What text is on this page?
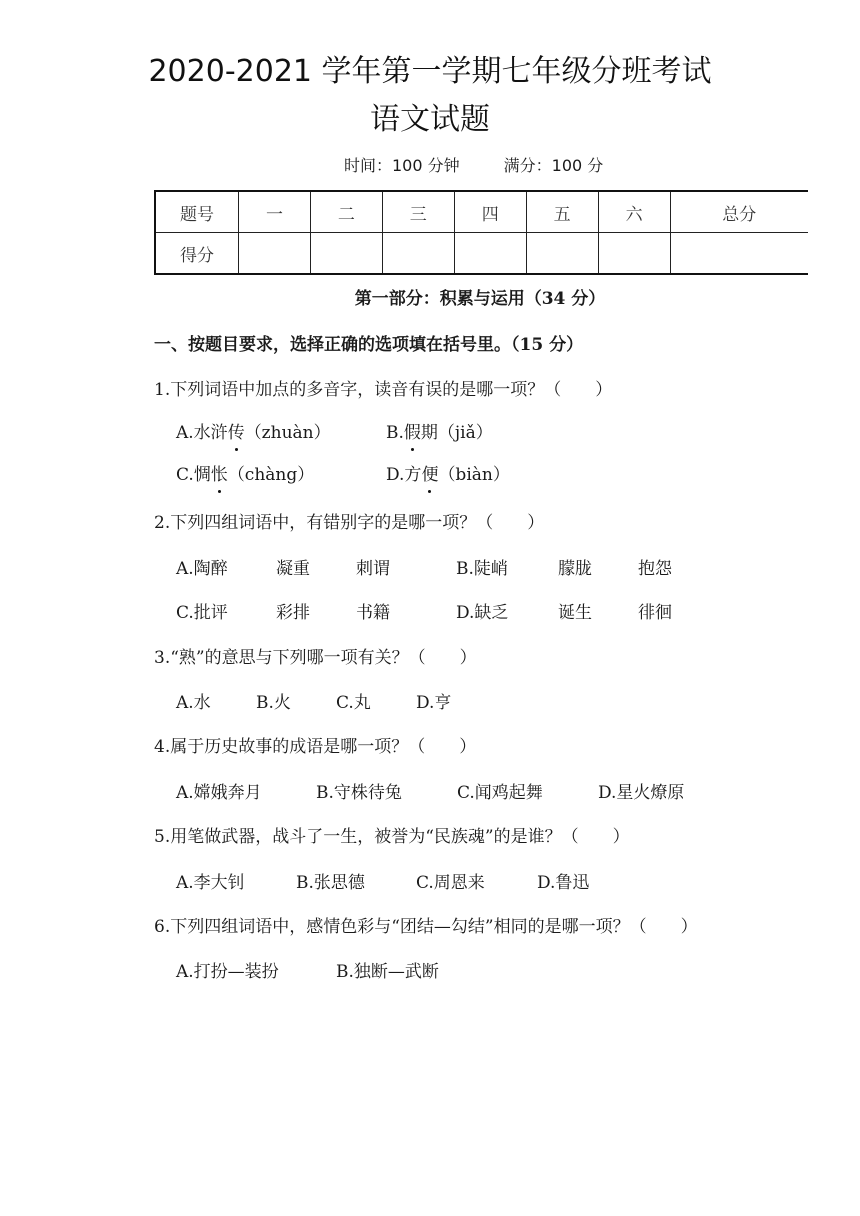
2020-2021 学年第一学期七年级分班考试
语文试题
时间：100 分钟	满分：100 分
题号	一	二	三	四	五	六	总分
得分							
第一部分：积累与运用（34 分）
一、按题目要求，选择正确的选项填在括号里。（15 分）
1.下列词语中加点的多音字，读音有误的是哪一项？（　　）
A.水浒传（zhuàn）	B.假期（jiǎ）
C.惆怅（chàng）	D.方便（biàn）
2.下列四组词语中，有错别字的是哪一项？（　　）
A.陶醉	凝重	刺谓	B.陡峭	朦胧	抱怨
C.批评	彩排	书籍	D.缺乏	诞生	徘徊
3.“熟”的意思与下列哪一项有关？（　　）
A.水	B.火	C.丸	D.亨
4.属于历史故事的成语是哪一项？（　　）
A.嫦娥奔月	B.守株待兔	C.闻鸡起舞	D.星火燎原
5.用笔做武器，战斗了一生，被誉为“民族魂”的是谁？（　　）
A.李大钊	B.张思德	C.周恩来	D.鲁迅
6.下列四组词语中，感情色彩与“团结—勾结”相同的是哪一项？（　　）
A.打扮—装扮	B.独断—武断
